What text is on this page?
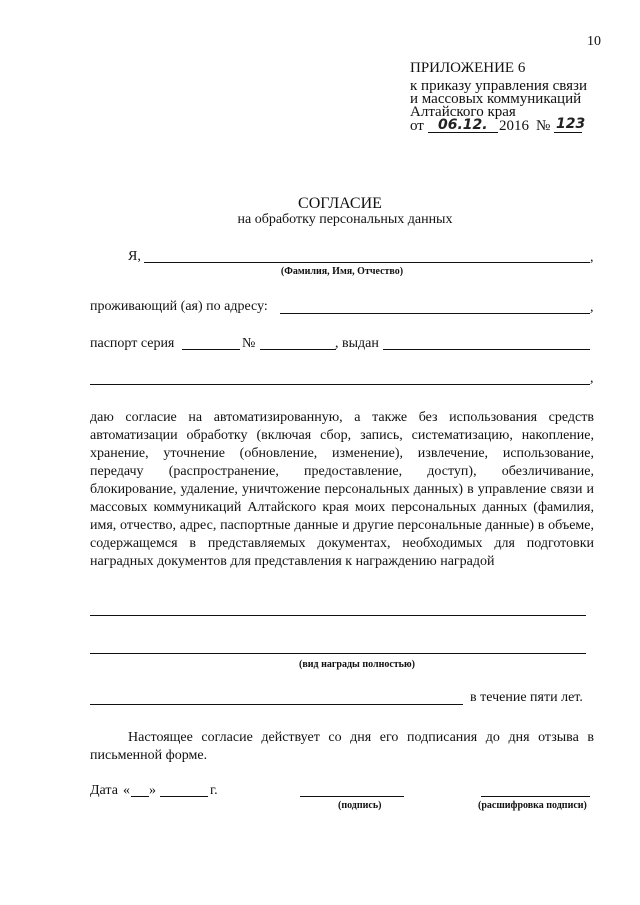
10
ПРИЛОЖЕНИЕ 6
к приказу управления связи
и массовых коммуникаций
Алтайского края
от 06.12. 2016 № 123
СОГЛАСИЕ
на обработку персональных данных
Я,	,
(Фамилия, Имя, Отчество)
проживающий (ая) по адресу:	,
паспорт серия	№	, выдан
,

даю согласие на автоматизированную, а также без использования средств автоматизации обработку (включая сбор, запись, систематизацию, накопление, хранение, уточнение (обновление, изменение), извлечение, использование, передачу (распространение, предоставление, доступ), обезличивание, блокирование, удаление, уничтожение персональных данных) в управление связи и массовых коммуникаций Алтайского края моих персональных данных (фамилия, имя, отчество, адрес, паспортные данные и другие персональные данные) в объеме, содержащемся в представляемых документах, необходимых для подготовки наградных документов для представления к награждению наградой

(вид награды полностью)
в течение пяти лет.

Настоящее согласие действует со дня его подписания до дня отзыва в письменной форме.

Дата « »	г.
(подпись)	(расшифровка подписи)
